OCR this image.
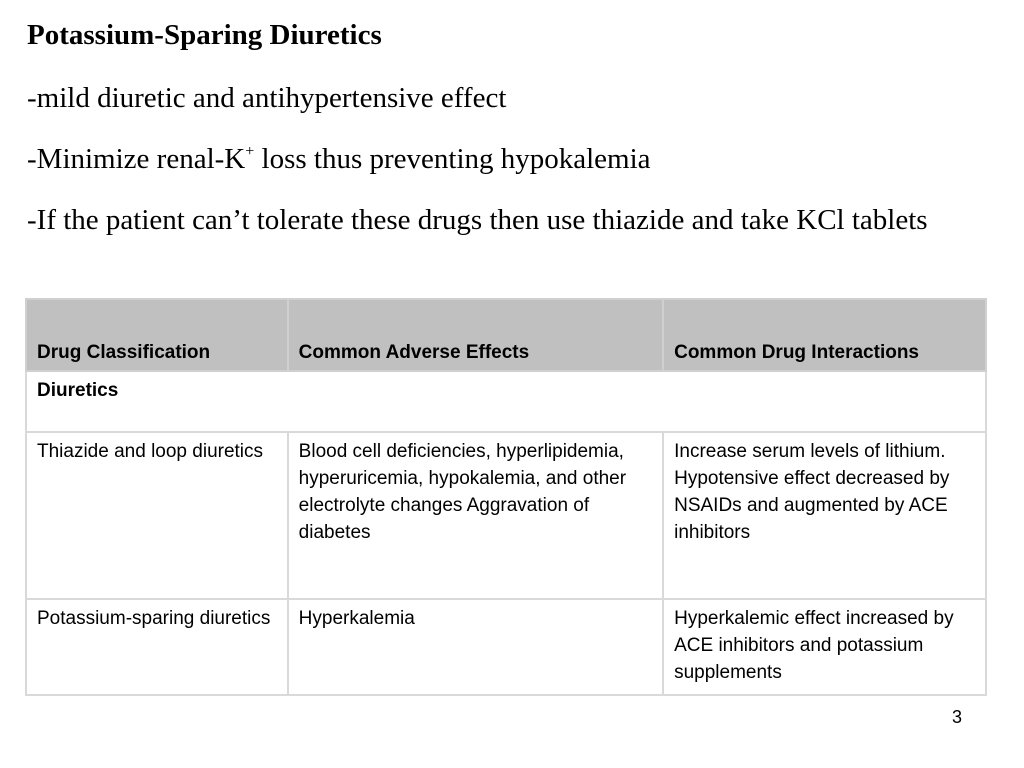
Potassium-Sparing Diuretics

-mild diuretic and antihypertensive effect

-Minimize renal-K+ loss thus preventing hypokalemia

-If the patient can’t tolerate these drugs then use thiazide and take KCl tablets

Drug Classification	Common Adverse Effects	Common Drug Interactions
Diuretics		
Thiazide and loop diuretics	Blood cell deficiencies, hyperlipidemia, hyperuricemia, hypokalemia, and other electrolyte changes Aggravation of diabetes	Increase serum levels of lithium. Hypotensive effect decreased by NSAIDs and augmented by ACE inhibitors
Potassium-sparing diuretics	Hyperkalemia	Hyperkalemic effect increased by ACE inhibitors and potassium supplements
3
